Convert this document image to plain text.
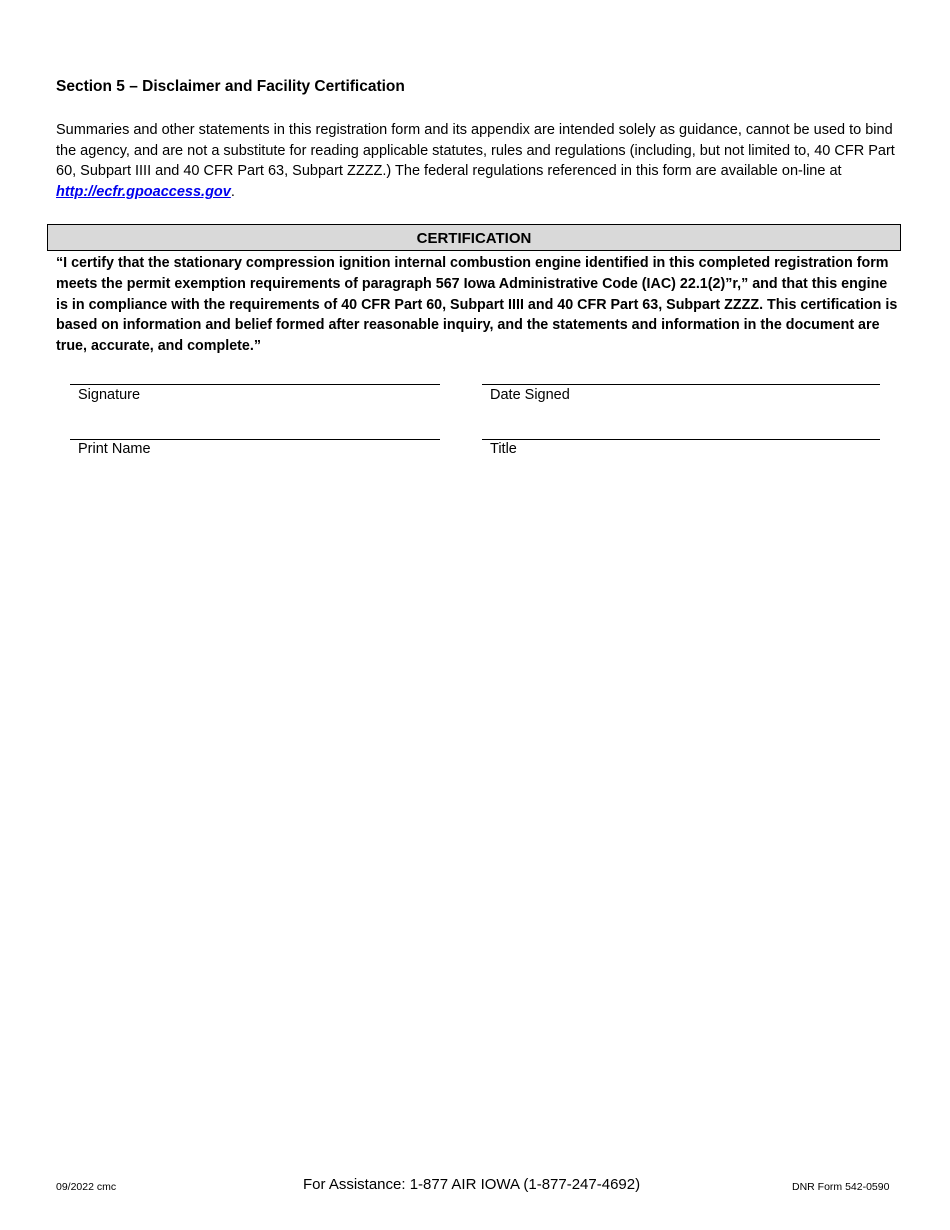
Section 5 – Disclaimer and Facility Certification

Summaries and other statements in this registration form and its appendix are intended solely as guidance, cannot be used to bind the agency, and are not a substitute for reading applicable statutes, rules and regulations (including, but not limited to, 40 CFR Part 60, Subpart IIII and 40 CFR Part 63, Subpart ZZZZ.) The federal regulations referenced in this form are available on-line at http://ecfr.gpoaccess.gov.

CERTIFICATION

“I certify that the stationary compression ignition internal combustion engine identified in this completed registration form meets the permit exemption requirements of paragraph 567 Iowa Administrative Code (IAC) 22.1(2)”r,” and that this engine is in compliance with the requirements of 40 CFR Part 60, Subpart IIII and 40 CFR Part 63, Subpart ZZZZ. This certification is based on information and belief formed after reasonable inquiry, and the statements and information in the document are true, accurate, and complete.”

Signature	Date Signed
Print Name	Title
09/2022 cmc	For Assistance: 1-877 AIR IOWA (1-877-247-4692)	DNR Form 542-0590
